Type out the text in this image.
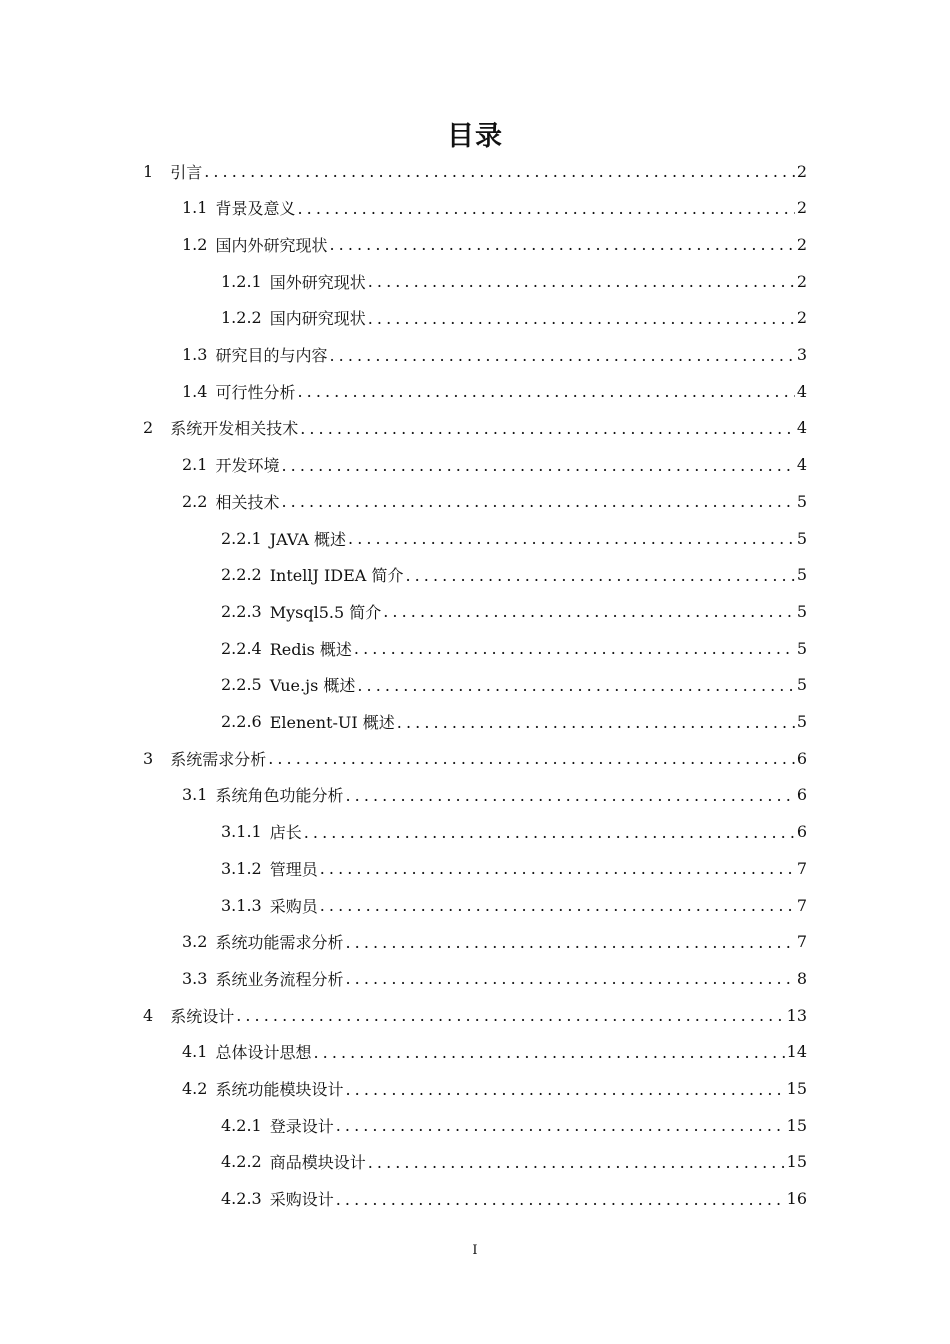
目录
1 引言 . . .	2
1.1 背景及意义 . . .	2
1.2 国内外研究现状 . . .	2
1.2.1 国外研究现状 . . .	2
1.2.2 国内研究现状 . . .	2
1.3 研究目的与内容 . . .	3
1.4 可行性分析 . . .	4
2 系统开发相关技术 . . .	4
2.1 开发环境 . . .	4
2.2 相关技术 . . .	5
2.2.1 JAVA 概述 . . .	5
2.2.2 IntellJ IDEA 简介 . . .	5
2.2.3 Mysql5.5 简介 . . .	5
2.2.4 Redis 概述 . . .	5
2.2.5 Vue.js 概述 . . .	5
2.2.6 Elenent-UI 概述 . . .	5
3 系统需求分析 . . .	6
3.1 系统角色功能分析 . . .	6
3.1.1 店长 . . .	6
3.1.2 管理员 . . .	7
3.1.3 采购员 . . .	7
3.2 系统功能需求分析 . . .	7
3.3 系统业务流程分析 . . .	8
4 系统设计 . . .	13
4.1 总体设计思想 . . .	14
4.2 系统功能模块设计 . . .	15
4.2.1 登录设计 . . .	15
4.2.2 商品模块设计 . . .	15
4.2.3 采购设计 . . .	16
I
